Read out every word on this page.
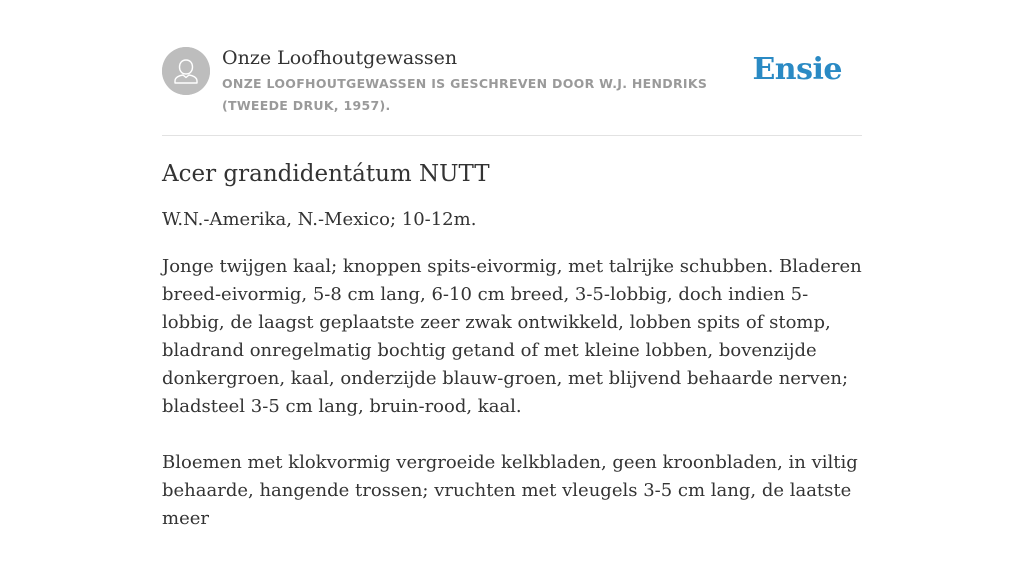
Onze Loofhoutgewassen
ONZE LOOFHOUTGEWASSEN IS GESCHREVEN DOOR W.J. HENDRIKS (TWEEDE DRUK, 1957).
Ensie
Acer grandidentátum NUTT
W.N.-Amerika, N.-Mexico; 10-12m.

Jonge twijgen kaal; knoppen spits-eivormig, met talrijke schubben. Bladeren breed-eivormig, 5-8 cm lang, 6-10 cm breed, 3-5-lobbig, doch indien 5-lobbig, de laagst geplaatste zeer zwak ontwikkeld, lobben spits of stomp, bladrand onregelmatig bochtig getand of met kleine lobben, bovenzijde donkergroen, kaal, onderzijde blauw-groen, met blijvend behaarde nerven; bladsteel 3-5 cm lang, bruin-rood, kaal.

Bloemen met klokvormig vergroeide kelkbladen, geen kroonbladen, in viltig behaarde, hangende trossen; vruchten met vleugels 3-5 cm lang, de laatste meer
